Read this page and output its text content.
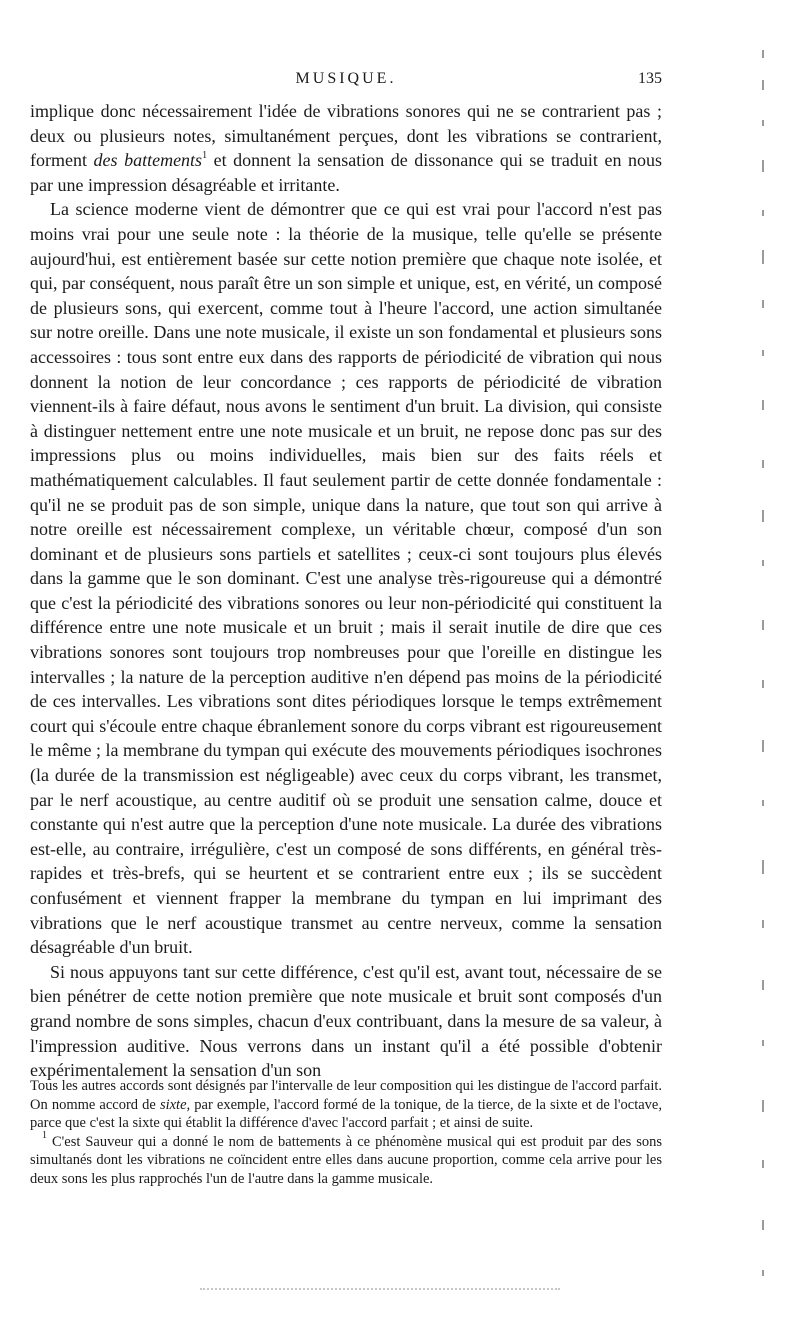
MUSIQUE.	135

implique donc nécessairement l'idée de vibrations sonores qui ne se contrarient pas ; deux ou plusieurs notes, simultanément perçues, dont les vibrations se contrarient, forment des battements$^1$ et donnent la sensation de dissonance qui se traduit en nous par une impression désagréable et irritante.

La science moderne vient de démontrer que ce qui est vrai pour l'accord n'est pas moins vrai pour une seule note : la théorie de la musique, telle qu'elle se présente aujourd'hui, est entièrement basée sur cette notion première que chaque note isolée, et qui, par conséquent, nous paraît être un son simple et unique, est, en vérité, un composé de plusieurs sons, qui exercent, comme tout à l'heure l'accord, une action simultanée sur notre oreille. Dans une note musicale, il existe un son fondamental et plusieurs sons accessoires : tous sont entre eux dans des rapports de périodicité de vibration qui nous donnent la notion de leur concordance ; ces rapports de périodicité de vibration viennent-ils à faire défaut, nous avons le sentiment d'un bruit. La division, qui consiste à distinguer nettement entre une note musicale et un bruit, ne repose donc pas sur des impressions plus ou moins individuelles, mais bien sur des faits réels et mathématiquement calculables. Il faut seulement partir de cette donnée fondamentale : qu'il ne se produit pas de son simple, unique dans la nature, que tout son qui arrive à notre oreille est nécessairement complexe, un véritable chœur, composé d'un son dominant et de plusieurs sons partiels et satellites ; ceux-ci sont toujours plus élevés dans la gamme que le son dominant. C'est une analyse très-rigoureuse qui a démontré que c'est la périodicité des vibrations sonores ou leur non-périodicité qui constituent la différence entre une note musicale et un bruit ; mais il serait inutile de dire que ces vibrations sonores sont toujours trop nombreuses pour que l'oreille en distingue les intervalles ; la nature de la perception auditive n'en dépend pas moins de la périodicité de ces intervalles. Les vibrations sont dites périodiques lorsque le temps extrêmement court qui s'écoule entre chaque ébranlement sonore du corps vibrant est rigoureusement le même ; la membrane du tympan qui exécute des mouvements périodiques isochrones (la durée de la transmission est négligeable) avec ceux du corps vibrant, les transmet, par le nerf acoustique, au centre auditif où se produit une sensation calme, douce et constante qui n'est autre que la perception d'une note musicale. La durée des vibrations est-elle, au contraire, irrégulière, c'est un composé de sons différents, en général très-rapides et très-brefs, qui se heurtent et se contrarient entre eux ; ils se succèdent confusément et viennent frapper la membrane du tympan en lui imprimant des vibrations que le nerf acoustique transmet au centre nerveux, comme la sensation désagréable d'un bruit.

Si nous appuyons tant sur cette différence, c'est qu'il est, avant tout, nécessaire de se bien pénétrer de cette notion première que note musicale et bruit sont composés d'un grand nombre de sons simples, chacun d'eux contribuant, dans la mesure de sa valeur, à l'impression auditive. Nous verrons dans un instant qu'il a été possible d'obtenir expérimentalement la sensation d'un son

Tous les autres accords sont désignés par l'intervalle de leur composition qui les distingue de l'accord parfait. On nomme accord de sixte, par exemple, l'accord formé de la tonique, de la tierce, de la sixte et de l'octave, parce que c'est la sixte qui établit la différence d'avec l'accord parfait ; et ainsi de suite.

$^1$ C'est Sauveur qui a donné le nom de battements à ce phénomène musical qui est produit par des sons simultanés dont les vibrations ne coïncident entre elles dans aucune proportion, comme cela arrive pour les deux sons les plus rapprochés l'un de l'autre dans la gamme musicale.
